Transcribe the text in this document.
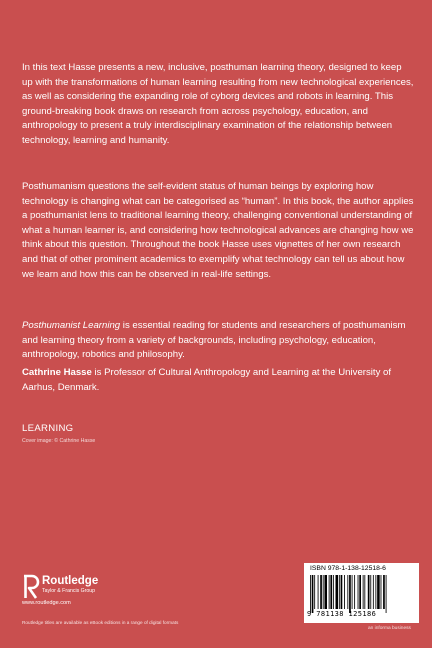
In this text Hasse presents a new, inclusive, posthuman learning theory, designed to keep up with the transformations of human learning resulting from new technological experiences, as well as considering the expanding role of cyborg devices and robots in learning. This ground-breaking book draws on research from across psychology, education, and anthropology to present a truly interdisciplinary examination of the relationship between technology, learning and humanity.

Posthumanism questions the self-evident status of human beings by exploring how technology is changing what can be categorised as “human”. In this book, the author applies a posthumanist lens to traditional learning theory, challenging conventional understanding of what a human learner is, and considering how technological advances are changing how we think about this question. Throughout the book Hasse uses vignettes of her own research and that of other prominent academics to exemplify what technology can tell us about how we learn and how this can be observed in real-life settings.

Posthumanist Learning is essential reading for students and researchers of posthumanism and learning theory from a variety of backgrounds, including psychology, education, anthropology, robotics and philosophy.

Cathrine Hasse is Professor of Cultural Anthropology and Learning at the University of Aarhus, Denmark.

LEARNING
Cover image: © Cathrine Hasse
Routledge
Taylor & Francis Group
www.routledge.com
Routledge titles are available as eBook editions in a range of digital formats
ISBN 978-1-138-12518-6
9 781138 125186
an informa business
